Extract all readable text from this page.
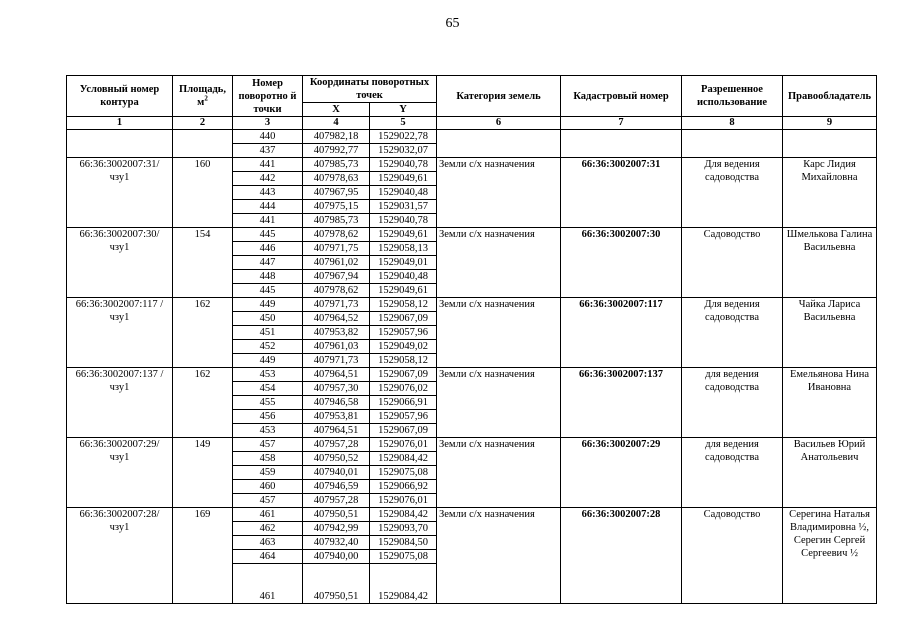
65
Условный номер контура	Площадь, $м^2$	Номер поворотно й точки	Координаты поворотных точек		Категория земель	Кадастровый номер	Разрешенное использование	Правообладатель
			X	Y				
1	2	3	4	5	6	7	8	9
		440	407982,18	1529022,78				
		437	407992,77	1529032,07				
66:36:3002007:31/ чзу1	160	441	407985,73	1529040,78	Земли с/х назначения	66:36:3002007:31	Для ведения садоводства	Карс Лидия Михайловна
		442	407978,63	1529049,61				
		443	407967,95	1529040,48				
		444	407975,15	1529031,57				
		441	407985,73	1529040,78				
66:36:3002007:30/ чзу1	154	445	407978,62	1529049,61	Земли с/х назначения	66:36:3002007:30	Садоводство	Шмелькова Галина Васильевна
		446	407971,75	1529058,13				
		447	407961,02	1529049,01				
		448	407967,94	1529040,48				
		445	407978,62	1529049,61				
66:36:3002007:117 /чзу1	162	449	407971,73	1529058,12	Земли с/х назначения	66:36:3002007:117	Для ведения садоводства	Чайка Лариса Васильевна
		450	407964,52	1529067,09				
		451	407953,82	1529057,96				
		452	407961,03	1529049,02				
		449	407971,73	1529058,12				
66:36:3002007:137 /чзу1	162	453	407964,51	1529067,09	Земли с/х назначения	66:36:3002007:137	для ведения садоводства	Емельянова Нина Ивановна
		454	407957,30	1529076,02				
		455	407946,58	1529066,91				
		456	407953,81	1529057,96				
		453	407964,51	1529067,09				
66:36:3002007:29/ чзу1	149	457	407957,28	1529076,01	Земли с/х назначения	66:36:3002007:29	для ведения садоводства	Васильев Юрий Анатольевич
		458	407950,52	1529084,42				
		459	407940,01	1529075,08				
		460	407946,59	1529066,92				
		457	407957,28	1529076,01				
66:36:3002007:28/ чзу1	169	461	407950,51	1529084,42	Земли с/х назначения	66:36:3002007:28	Садоводство	Серегина Наталья Владимировна ½, Серегин Сергей Сергеевич ½
		462	407942,99	1529093,70				
		463	407932,40	1529084,50				
		464	407940,00	1529075,08				
		461	407950,51	1529084,42				
